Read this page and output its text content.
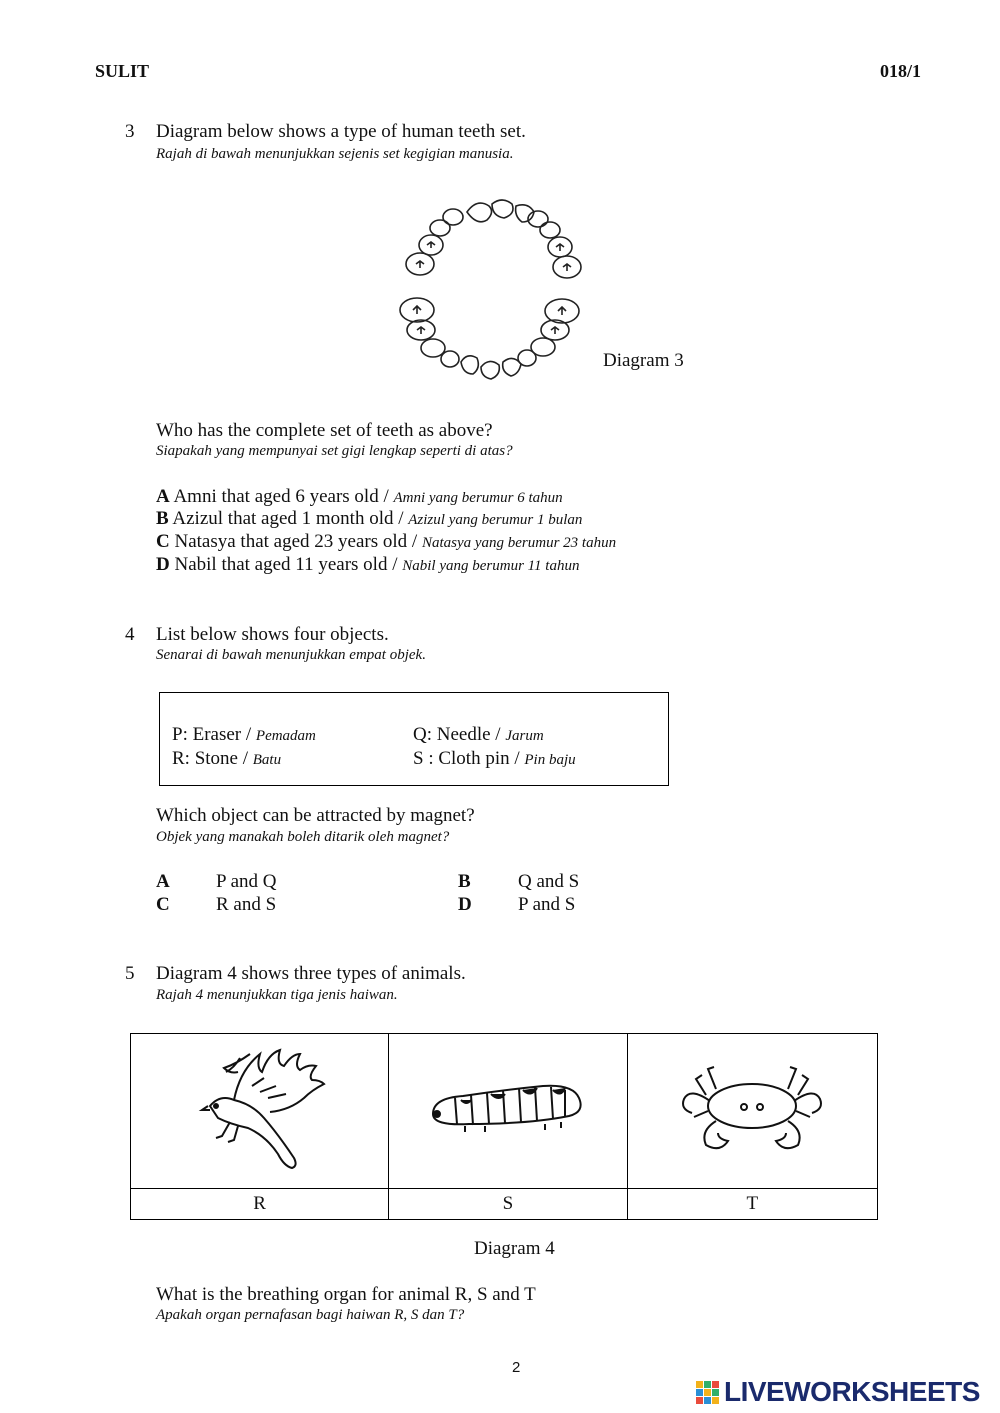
SULIT	018/1
3 Diagram below shows a type of human teeth set.
Rajah di bawah menunjukkan sejenis set kegigian manusia.
Diagram 3
Who has the complete set of teeth as above?
Siapakah yang mempunyai set gigi lengkap seperti di atas?
A Amni that aged 6 years old / Amni yang berumur 6 tahun
B Azizul that aged 1 month old / Azizul yang berumur 1 bulan
C Natasya that aged 23 years old / Natasya yang berumur 23 tahun
D Nabil that aged 11 years old / Nabil yang berumur 11 tahun
4 List below shows four objects.
Senarai di bawah menunjukkan empat objek.
P: Eraser / Pemadam	Q: Needle / Jarum
R: Stone / Batu	S : Cloth pin / Pin baju
Which object can be attracted by magnet?
Objek yang manakah boleh ditarik oleh magnet?
A P and Q	B Q and S
C R and S	D P and S
5 Diagram 4 shows three types of animals.
Rajah 4 menunjukkan tiga jenis haiwan.

R	S	T
Diagram 4
What is the breathing organ for animal R, S and T
Apakah organ pernafasan bagi haiwan R, S dan T?
2
LIVEWORKSHEETS
